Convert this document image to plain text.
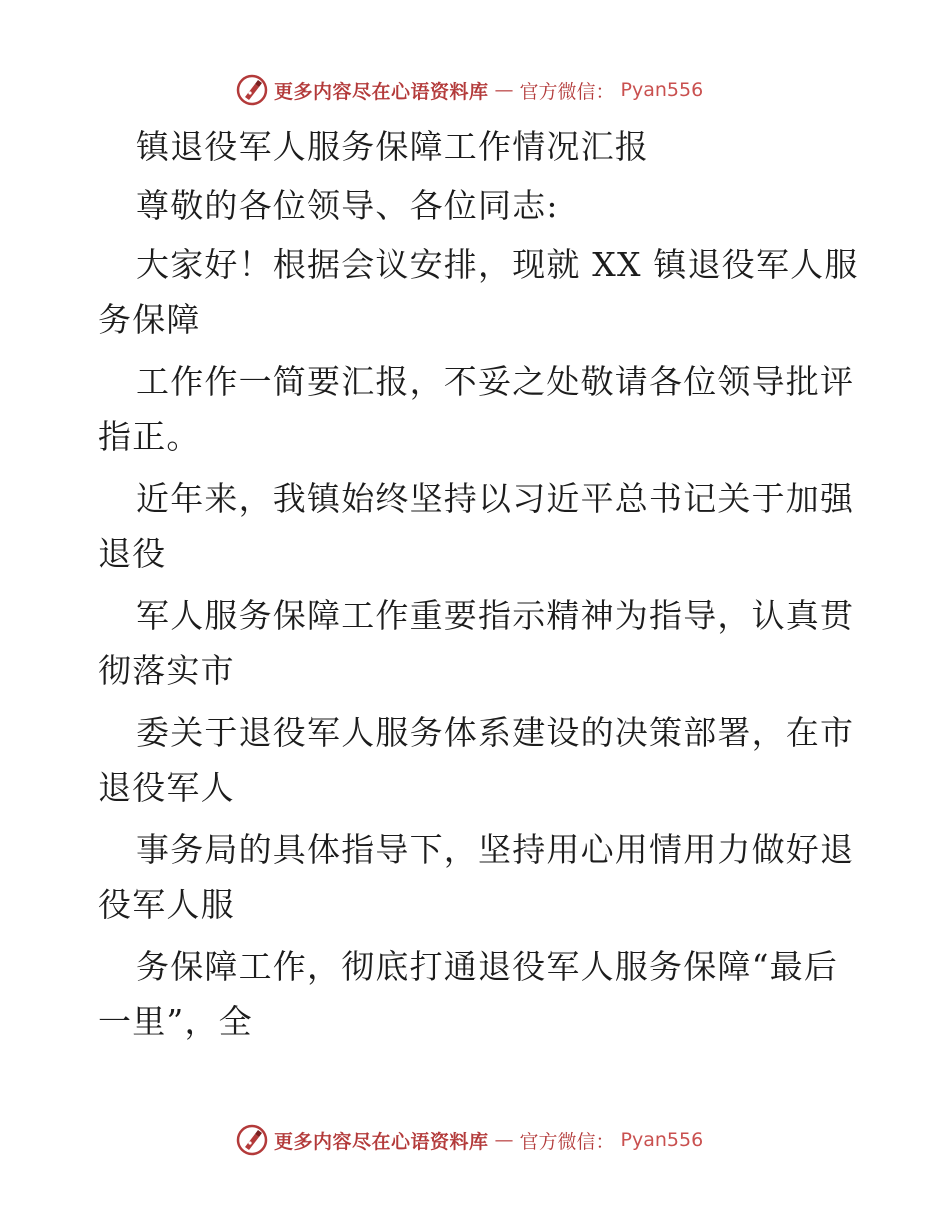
更多内容尽在心语资料库 — 官方微信： Pyan556
镇退役军人服务保障工作情况汇报
尊敬的各位领导、各位同志:
大家好！根据会议安排，现就 XX 镇退役军人服
务保障
工作作一简要汇报，不妥之处敬请各位领导批评
指正。
近年来，我镇始终坚持以习近平总书记关于加强
退役
军人服务保障工作重要指示精神为指导，认真贯
彻落实市
委关于退役军人服务体系建设的决策部署，在市
退役军人
事务局的具体指导下，坚持用心用情用力做好退
役军人服
务保障工作，彻底打通退役军人服务保障“最后
一里”，全
更多内容尽在心语资料库 — 官方微信： Pyan556
